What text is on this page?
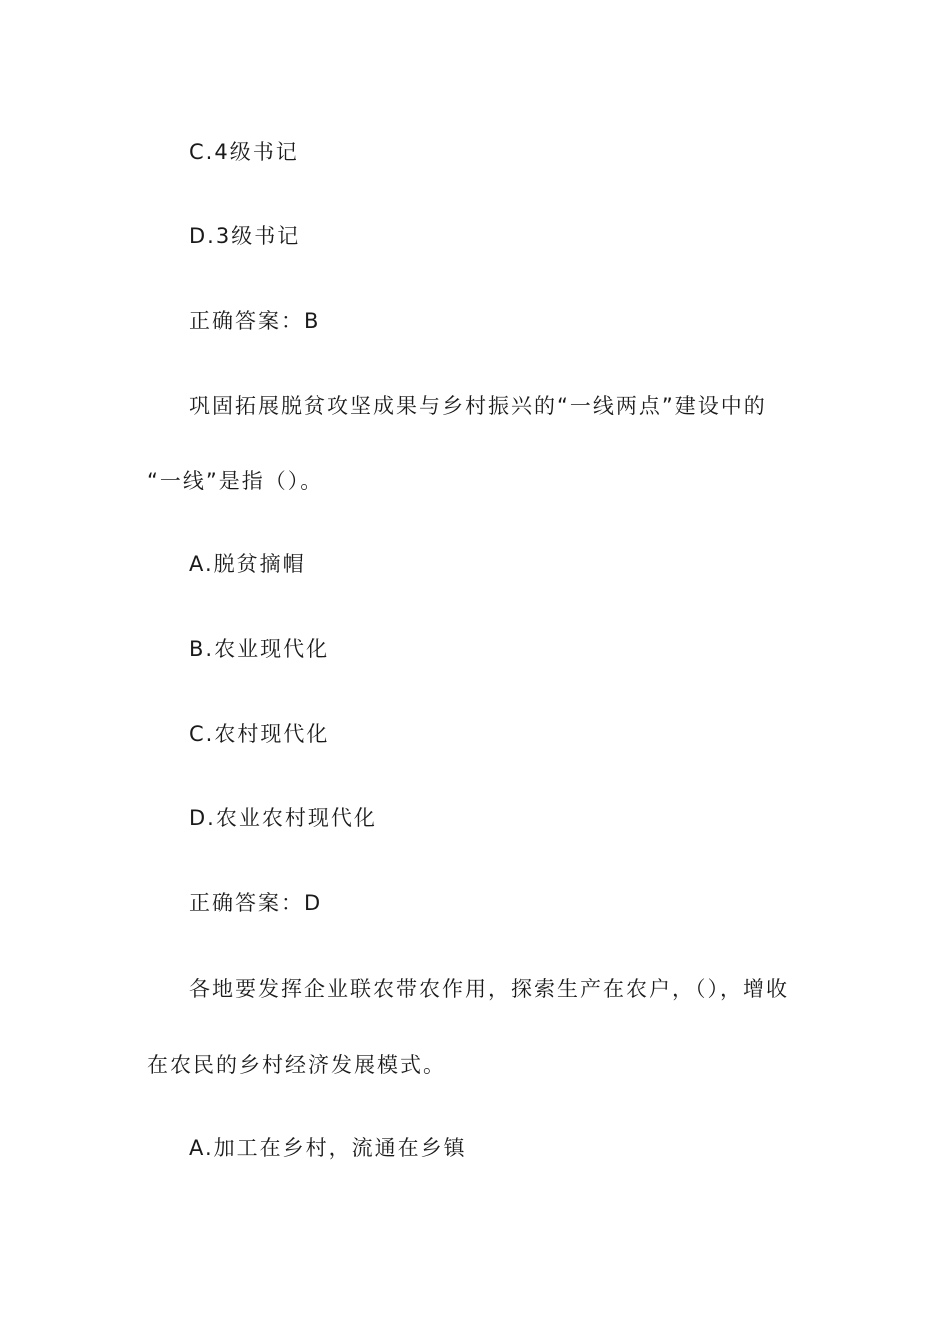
C.4级书记
D.3级书记
正确答案：B
巩固拓展脱贫攻坚成果与乡村振兴的“一线两点”建设中的
“一线”是指（）。
A.脱贫摘帽
B.农业现代化
C.农村现代化
D.农业农村现代化
正确答案：D
各地要发挥企业联农带农作用，探索生产在农户，（），增收
在农民的乡村经济发展模式。
A.加工在乡村，流通在乡镇
